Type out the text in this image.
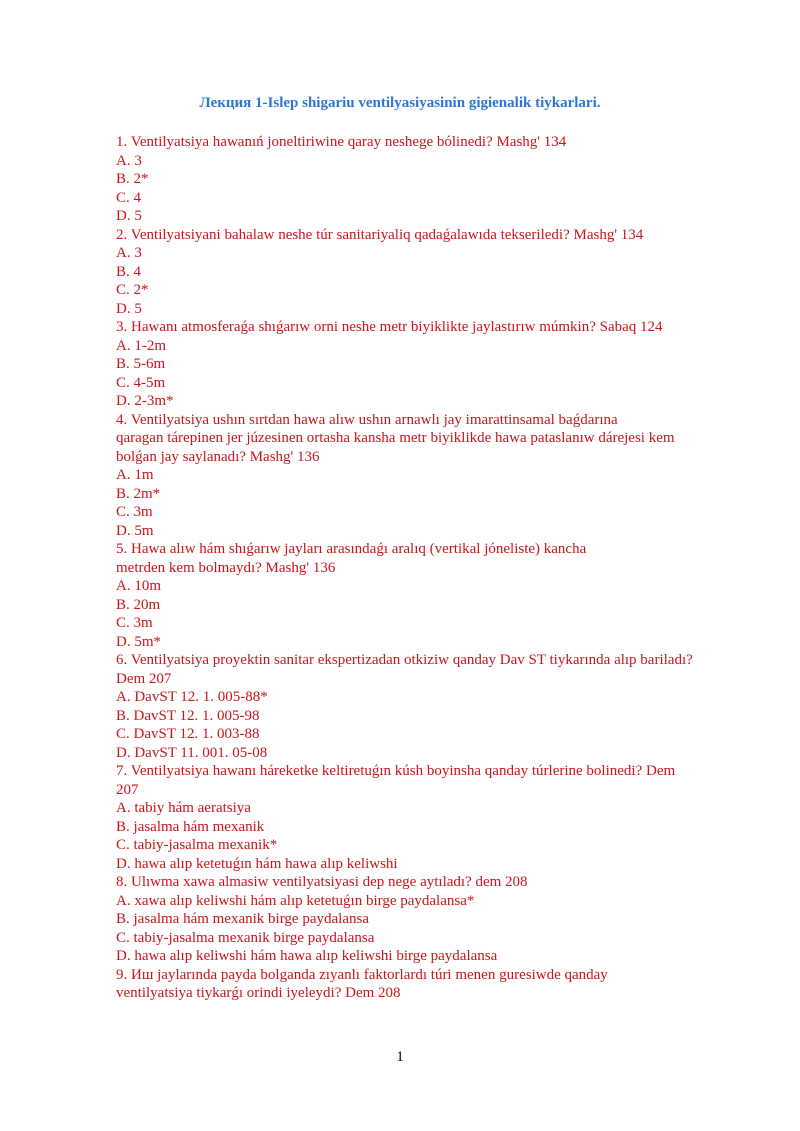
Лекция 1-Islep shigariu ventilyasiyasinin gigienalik tiykarlari.
1. Ventilyatsiya hawanıń joneltiriwine qaray neshege bólinedi? Mashg' 134
A. 3
B. 2*
C. 4
D. 5
2. Ventilyatsiyani bahalaw neshe túr sanitariyaliq qadaǵalawıda tekseriledi? Mashg' 134
A. 3
B. 4
C. 2*
D. 5
3. Hawanı atmosferaǵa shıǵarıw orni neshe metr biyiklikte jaylastırıw múmkin? Sabaq 124
A. 1-2m
B. 5-6m
C. 4-5m
D. 2-3m*
4. Ventilyatsiya ushın sırtdan hawa alıw ushın arnawlı jay imarattinsamal baǵdarına
qaragan tárepinen jer júzesinen ortasha kansha metr biyiklikde hawa pataslanıw dárejesi kem
bolǵan jay saylanadı? Mashg' 136
A. 1m
B. 2m*
C. 3m
D. 5m
5. Hawa alıw hám shıǵarıw jayları arasındaǵı aralıq (vertikal jóneliste) kancha
metrden kem bolmaydı? Mashg' 136
A. 10m
B. 20m
C. 3m
D. 5m*
6. Ventilyatsiya proyektin sanitar ekspertizadan otkiziw qanday Dav ST tiykarında alıp bariladı?
Dem 207
A. DavST 12. 1. 005-88*
B. DavST 12. 1. 005-98
C. DavST 12. 1. 003-88
D. DavST 11. 001. 05-08
7. Ventilyatsiya hawanı háreketke keltiretuǵın kúsh boyinsha qanday túrlerine bolinedi? Dem
207
A. tabiy hám aeratsiya
B. jasalma hám mexanik
C. tabiy-jasalma mexanik*
D. hawa alıp ketetuǵın hám hawa alıp keliwshi
8. Ulıwma xawa almasiw ventilyatsiyasi dep nege aytıladı? dem 208
A. xawa alıp keliwshi hám alıp ketetuǵın birge paydalansa*
B. jasalma hám mexanik birge paydalansa
C. tabiy-jasalma mexanik birge paydalansa
D. hawa alıp keliwshi hám hawa alıp keliwshi birge paydalansa
9. Иш jaylarında payda bolganda zıyanlı faktorlardı túri menen guresiwde qanday
ventilyatsiya tiykarǵı orindi iyeleydi? Dem 208
1
